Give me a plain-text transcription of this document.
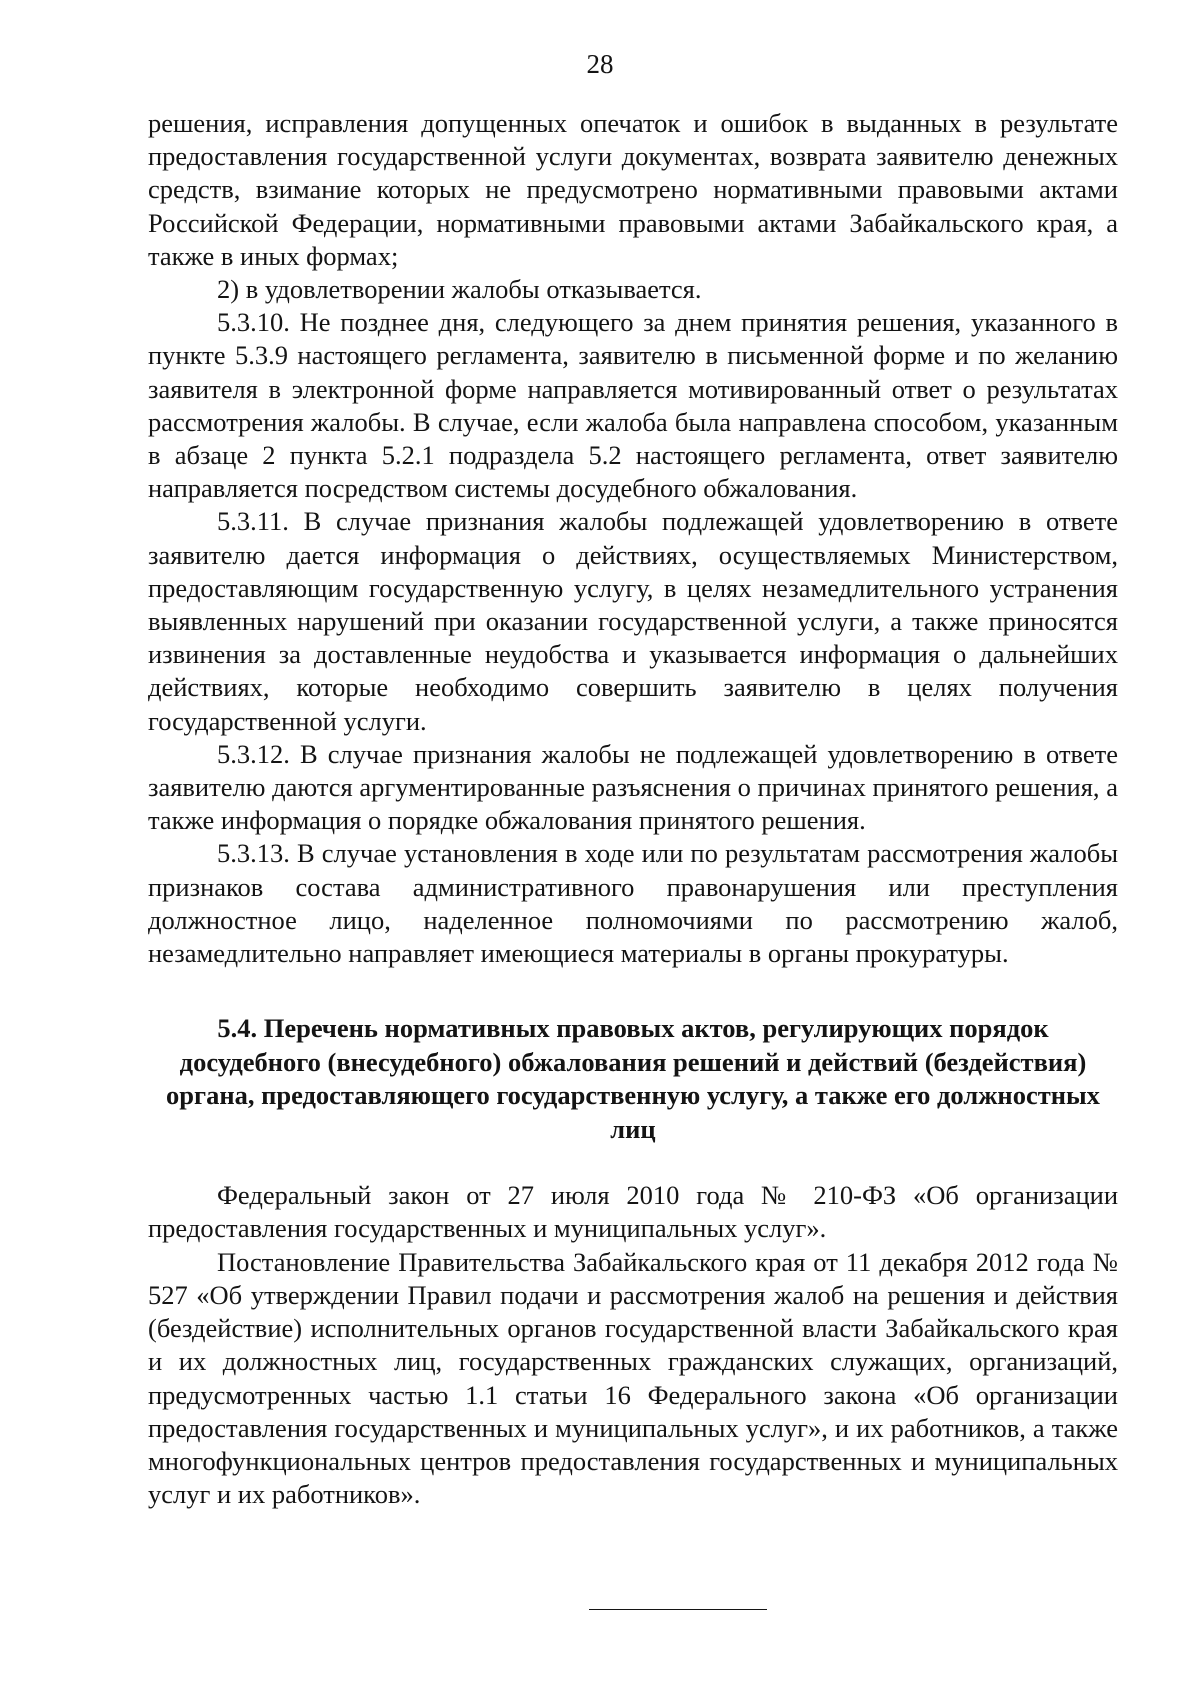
28

решения, исправления допущенных опечаток и ошибок в выданных в результате предоставления государственной услуги документах, возврата заявителю денежных средств, взимание которых не предусмотрено нормативными правовыми актами Российской Федерации, нормативными правовыми актами Забайкальского края, а также в иных формах;

2) в удовлетворении жалобы отказывается.

5.3.10. Не позднее дня, следующего за днем принятия решения, указанного в пункте 5.3.9 настоящего регламента, заявителю в письменной форме и по желанию заявителя в электронной форме направляется мотивированный ответ о результатах рассмотрения жалобы. В случае, если жалоба была направлена способом, указанным в абзаце 2 пункта 5.2.1 подраздела 5.2 настоящего регламента, ответ заявителю направляется посредством системы досудебного обжалования.

5.3.11. В случае признания жалобы подлежащей удовлетворению в ответе заявителю дается информация о действиях, осуществляемых Министерством, предоставляющим государственную услугу, в целях незамедлительного устранения выявленных нарушений при оказании государственной услуги, а также приносятся извинения за доставленные неудобства и указывается информация о дальнейших действиях, которые необходимо совершить заявителю в целях получения государственной услуги.

5.3.12. В случае признания жалобы не подлежащей удовлетворению в ответе заявителю даются аргументированные разъяснения о причинах принятого решения, а также информация о порядке обжалования принятого решения.

5.3.13. В случае установления в ходе или по результатам рассмотрения жалобы признаков состава административного правонарушения или преступления должностное лицо, наделенное полномочиями по рассмотрению жалоб, незамедлительно направляет имеющиеся материалы в органы прокуратуры.

5.4. Перечень нормативных правовых актов, регулирующих порядок досудебного (внесудебного) обжалования решений и действий (бездействия) органа, предоставляющего государственную услугу, а также его должностных лиц

Федеральный закон от 27 июля 2010 года № 210-ФЗ «Об организации предоставления государственных и муниципальных услуг».

Постановление Правительства Забайкальского края от 11 декабря 2012 года № 527 «Об утверждении Правил подачи и рассмотрения жалоб на решения и действия (бездействие) исполнительных органов государственной власти Забайкальского края и их должностных лиц, государственных гражданских служащих, организаций, предусмотренных частью 1.1 статьи 16 Федерального закона «Об организации предоставления государственных и муниципальных услуг», и их работников, а также многофункциональных центров предоставления государственных и муниципальных услуг и их работников».
